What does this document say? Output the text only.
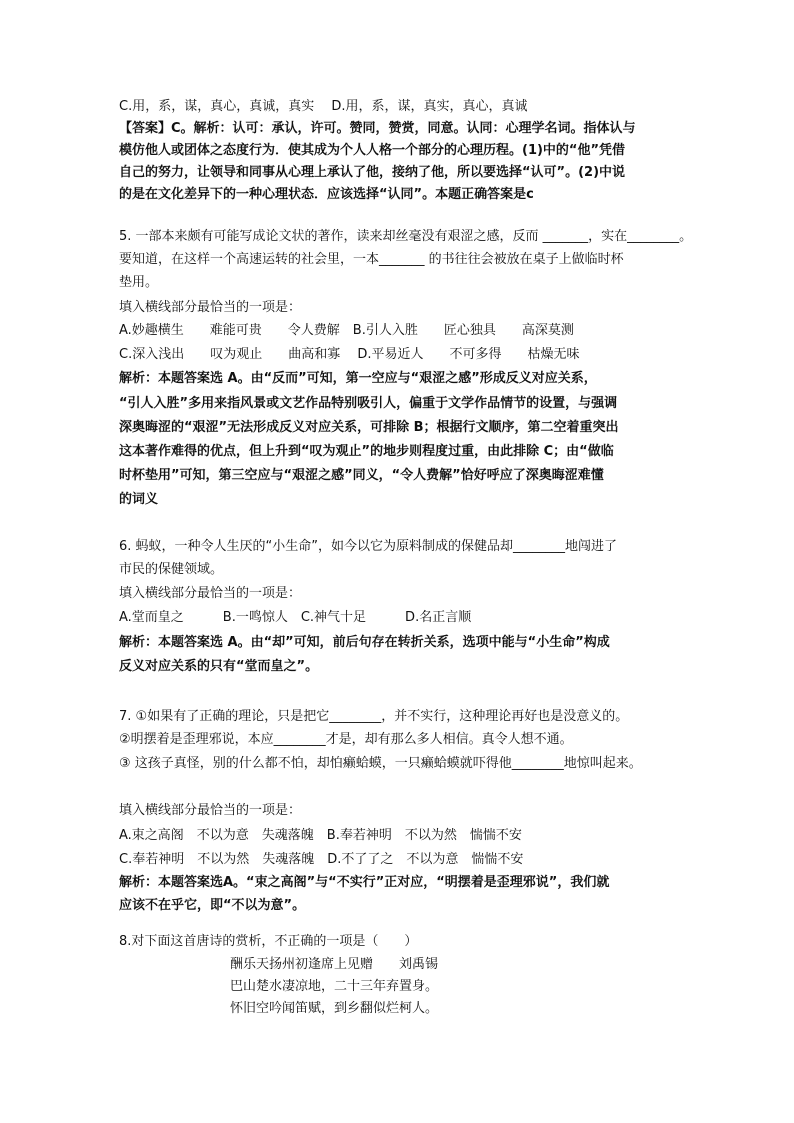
C.用，系，谋，真心，真诚，真实　 D.用，系，谋，真实，真心，真诚
【答案】C。解析：认可：承认，许可。赞同，赞赏，同意。认同：心理学名词。指体认与
模仿他人或团体之态度行为．使其成为个人人格一个部分的心理历程。(1)中的“他”凭借
自己的努力，让领导和同事从心理上承认了他，接纳了他，所以要选择“认可”。(2)中说
的是在文化差异下的一种心理状态．应该选择“认同”。本题正确答案是c
5. 一部本来颇有可能写成论文状的著作，读来却丝毫没有艰涩之感，反而 _______，实在________。
要知道，在这样一个高速运转的社会里，一本_______ 的书往往会被放在桌子上做临时杯
垫用。
填入横线部分最恰当的一项是：
A.妙趣横生　　难能可贵　　令人费解　B.引人入胜　　匠心独具　　高深莫测
C.深入浅出　　叹为观止　　曲高和寡　 D.平易近人　　不可多得　　枯燥无味
解析：本题答案选 A。由“反而”可知，第一空应与“艰涩之感”形成反义对应关系，
“引人入胜”多用来指风景或文艺作品特别吸引人，偏重于文学作品情节的设置，与强调
深奥晦涩的“艰涩”无法形成反义对应关系，可排除 B；根据行文顺序，第二空着重突出
这本著作难得的优点，但上升到“叹为观止”的地步则程度过重，由此排除 C；由“做临
时杯垫用”可知，第三空应与“艰涩之感”同义，“令人费解”恰好呼应了深奥晦涩难懂
的词义
6. 蚂蚁，一种令人生厌的“小生命”，如今以它为原料制成的保健品却________地闯进了
市民的保健领域。
填入横线部分最恰当的一项是：
A.堂而皇之　　　B.一鸣惊人　C.神气十足　　　D.名正言顺
解析：本题答案选 A。由“却”可知，前后句存在转折关系，选项中能与“小生命”构成
反义对应关系的只有“堂而皇之”。
7. ①如果有了正确的理论，只是把它________，并不实行，这种理论再好也是没意义的。
②明摆着是歪理邪说，本应________才是，却有那么多人相信。真令人想不通。
③ 这孩子真怪，别的什么都不怕，却怕癞蛤蟆，一只癞蛤蟆就吓得他________地惊叫起来。
填入横线部分最恰当的一项是：
A.束之高阁　不以为意　失魂落魄　B.奉若神明　不以为然　惴惴不安
C.奉若神明　不以为然　失魂落魄　D.不了了之　不以为意　惴惴不安
解析：本题答案选A。“束之高阁”与“不实行”正对应，“明摆着是歪理邪说”，我们就
应该不在乎它，即“不以为意”。
8.对下面这首唐诗的赏析，不正确的一项是（　　）
酬乐天扬州初逢席上见赠　　刘禹锡
巴山楚水凄凉地，二十三年弃置身。
怀旧空吟闻笛赋，到乡翻似烂柯人。
